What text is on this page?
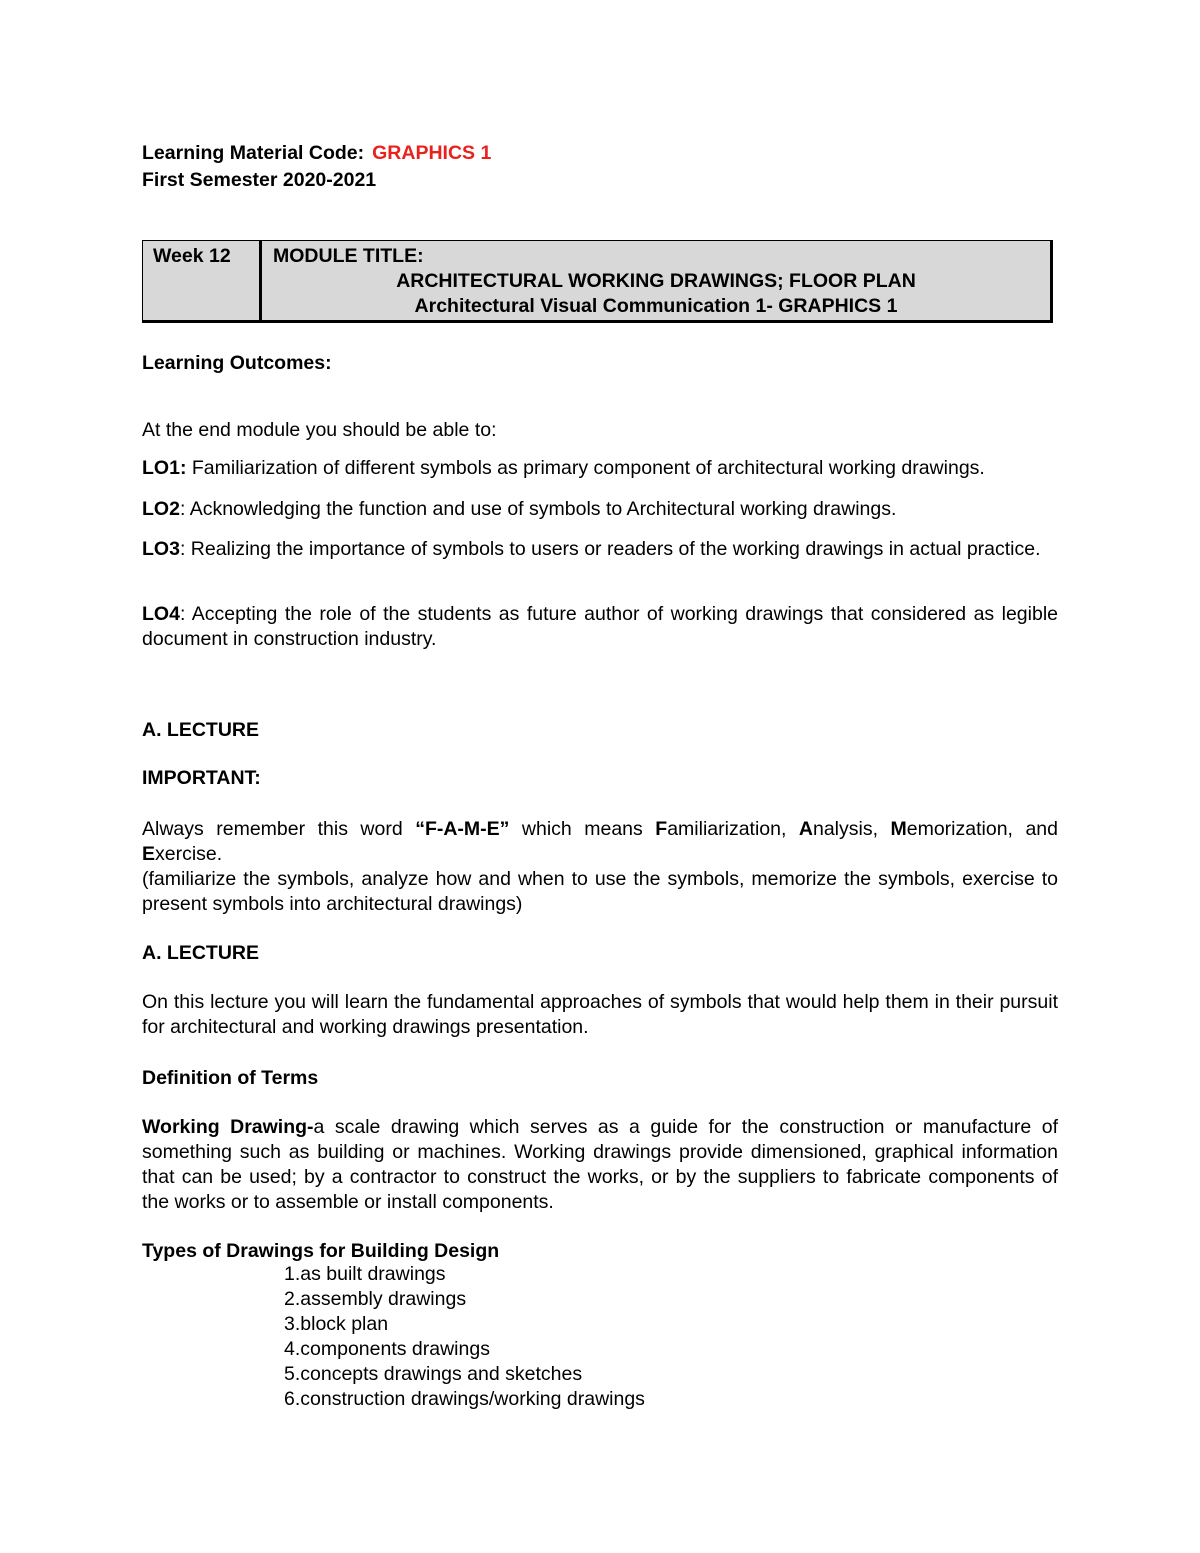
Learning Material Code: GRAPHICS 1
First Semester 2020-2021
Week 12 MODULE TITLE:
ARCHITECTURAL WORKING DRAWINGS; FLOOR PLAN
Architectural Visual Communication 1- GRAPHICS 1
Learning Outcomes:
At the end module you should be able to:
LO1: Familiarization of different symbols as primary component of architectural working drawings.
LO2: Acknowledging the function and use of symbols to Architectural working drawings.
LO3: Realizing the importance of symbols to users or readers of the working drawings in actual practice.
LO4: Accepting the role of the students as future author of working drawings that considered as legible document in construction industry.
A. LECTURE
IMPORTANT:
Always remember this word “F-A-M-E” which means Familiarization, Analysis, Memorization, and Exercise.
(familiarize the symbols, analyze how and when to use the symbols, memorize the symbols, exercise to present symbols into architectural drawings)
A. LECTURE
On this lecture you will learn the fundamental approaches of symbols that would help them in their pursuit for architectural and working drawings presentation.
Definition of Terms
Working Drawing-a scale drawing which serves as a guide for the construction or manufacture of something such as building or machines. Working drawings provide dimensioned, graphical information that can be used; by a contractor to construct the works, or by the suppliers to fabricate components of the works or to assemble or install components.
Types of Drawings for Building Design
1.as built drawings
2.assembly drawings
3.block plan
4.components drawings
5.concepts drawings and sketches
6.construction drawings/working drawings
